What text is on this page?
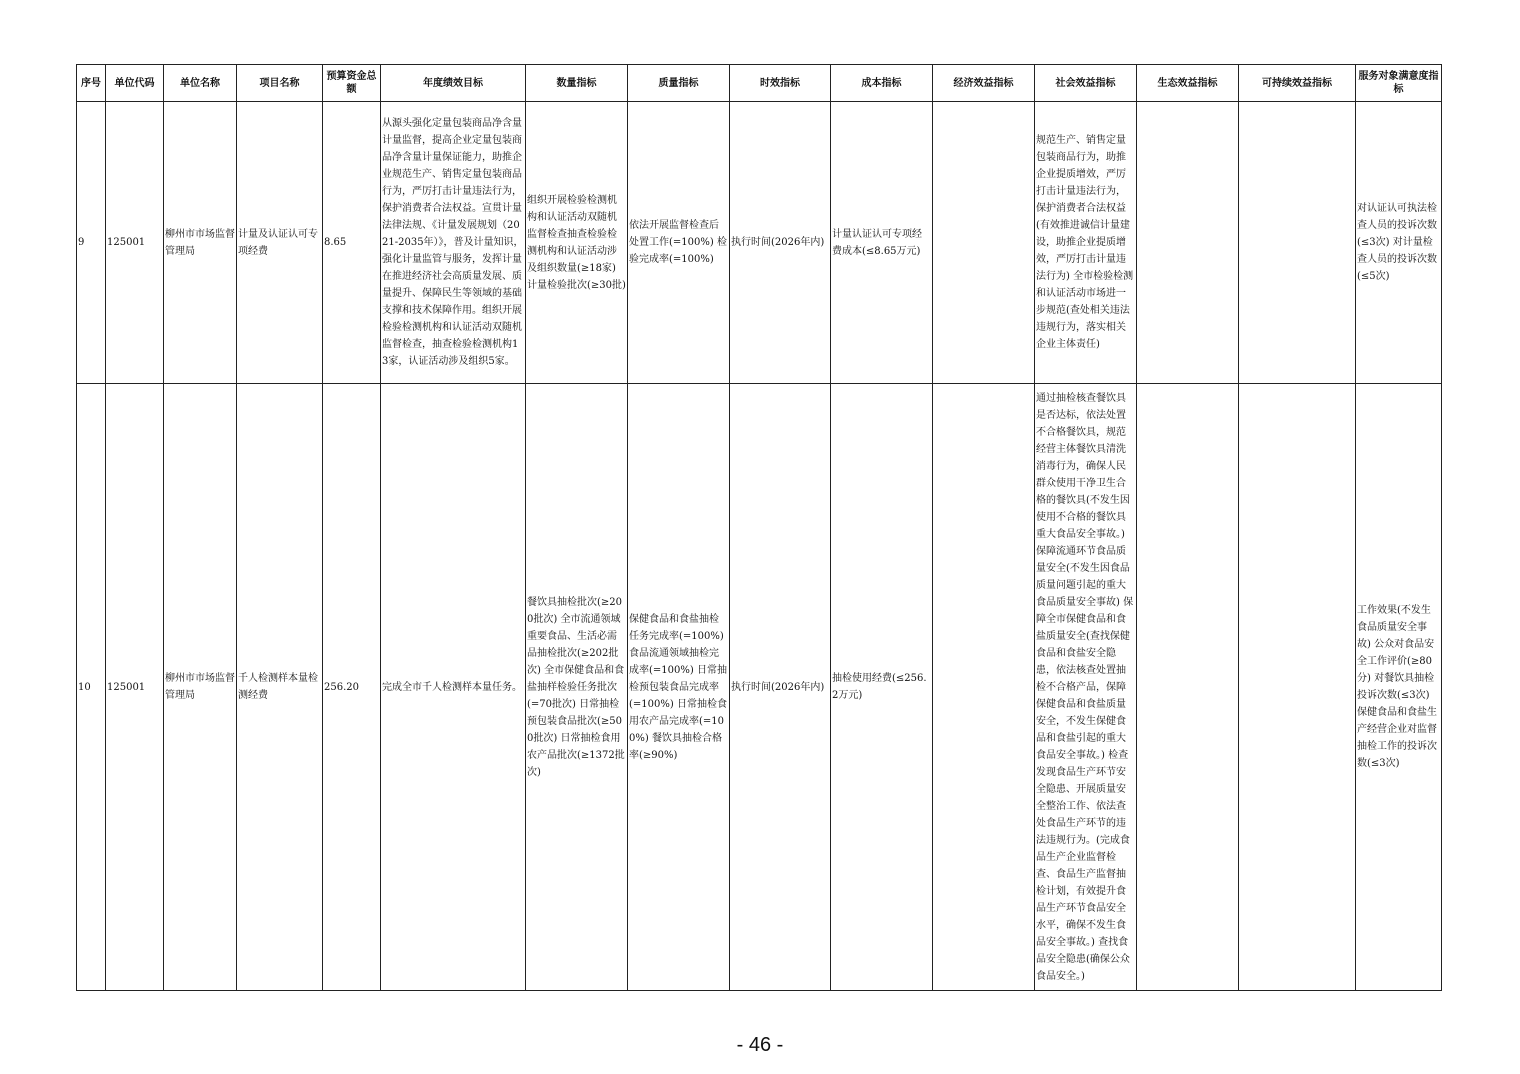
序号	单位代码	单位名称	项目名称	预算资金总额	年度绩效目标	数量指标	质量指标	时效指标	成本指标	经济效益指标	社会效益指标	生态效益指标	可持续效益指标	服务对象满意度指标
9	125001	柳州市市场监督管理局	计量及认证认可专项经费	8.65	从源头强化定量包装商品净含量计量监督，提高企业定量包装商品净含量计量保证能力，助推企业规范生产、销售定量包装商品行为，严厉打击计量违法行为，保护消费者合法权益。宣贯计量法律法规、《计量发展规划（2021-2035年）》，普及计量知识，强化计量监管与服务，发挥计量在推进经济社会高质量发展、质量提升、保障民生等领域的基础支撑和技术保障作用。组织开展检验检测机构和认证活动双随机监督检查，抽查检验检测机构13家，认证活动涉及组织5家。	组织开展检验检测机构和认证活动双随机监督检查抽查检验检测机构和认证活动涉及组织数量(≥18家) 计量检验批次(≥30批)	依法开展监督检查后处置工作(=100%) 检验完成率(=100%)	执行时间(2026年内)	计量认证认可专项经费成本(≤8.65万元)		规范生产、销售定量包装商品行为，助推企业提质增效，严厉打击计量违法行为，保护消费者合法权益(有效推进诚信计量建设，助推企业提质增效，严厉打击计量违法行为) 全市检验检测和认证活动市场进一步规范(查处相关违法违规行为，落实相关企业主体责任)			对认证认可执法检查人员的投诉次数(≤3次) 对计量检查人员的投诉次数(≤5次)
10	125001	柳州市市场监督管理局	千人检测样本量检测经费	256.20	完成全市千人检测样本量任务。	餐饮具抽检批次(≥200批次) 全市流通领域重要食品、生活必需品抽检批次(≥202批次) 全市保健食品和食盐抽样检验任务批次(=70批次) 日常抽检预包装食品批次(≥500批次) 日常抽检食用农产品批次(≥1372批次)	保健食品和食盐抽检任务完成率(=100%) 食品流通领域抽检完成率(=100%) 日常抽检预包装食品完成率(=100%) 日常抽检食用农产品完成率(=100%) 餐饮具抽检合格率(≥90%)	执行时间(2026年内)	抽检使用经费(≤256.2万元)		通过抽检核查餐饮具是否达标，依法处置不合格餐饮具，规范经营主体餐饮具清洗消毒行为，确保人民群众使用干净卫生合格的餐饮具(不发生因使用不合格的餐饮具重大食品安全事故。) 保障流通环节食品质量安全(不发生因食品质量问题引起的重大食品质量安全事故) 保障全市保健食品和食盐质量安全(查找保健食品和食盐安全隐患，依法核查处置抽检不合格产品，保障保健食品和食盐质量安全，不发生保健食品和食盐引起的重大食品安全事故。) 检查发现食品生产环节安全隐患、开展质量安全整治工作、依法查处食品生产环节的违法违规行为。(完成食品生产企业监督检查、食品生产监督抽检计划，有效提升食品生产环节食品安全水平，确保不发生食品安全事故。) 查找食品安全隐患(确保公众食品安全。)			工作效果(不发生食品质量安全事故) 公众对食品安全工作评价(≥80分) 对餐饮具抽检投诉次数(≤3次) 保健食品和食盐生产经营企业对监督抽检工作的投诉次数(≤3次)
- 46 -
